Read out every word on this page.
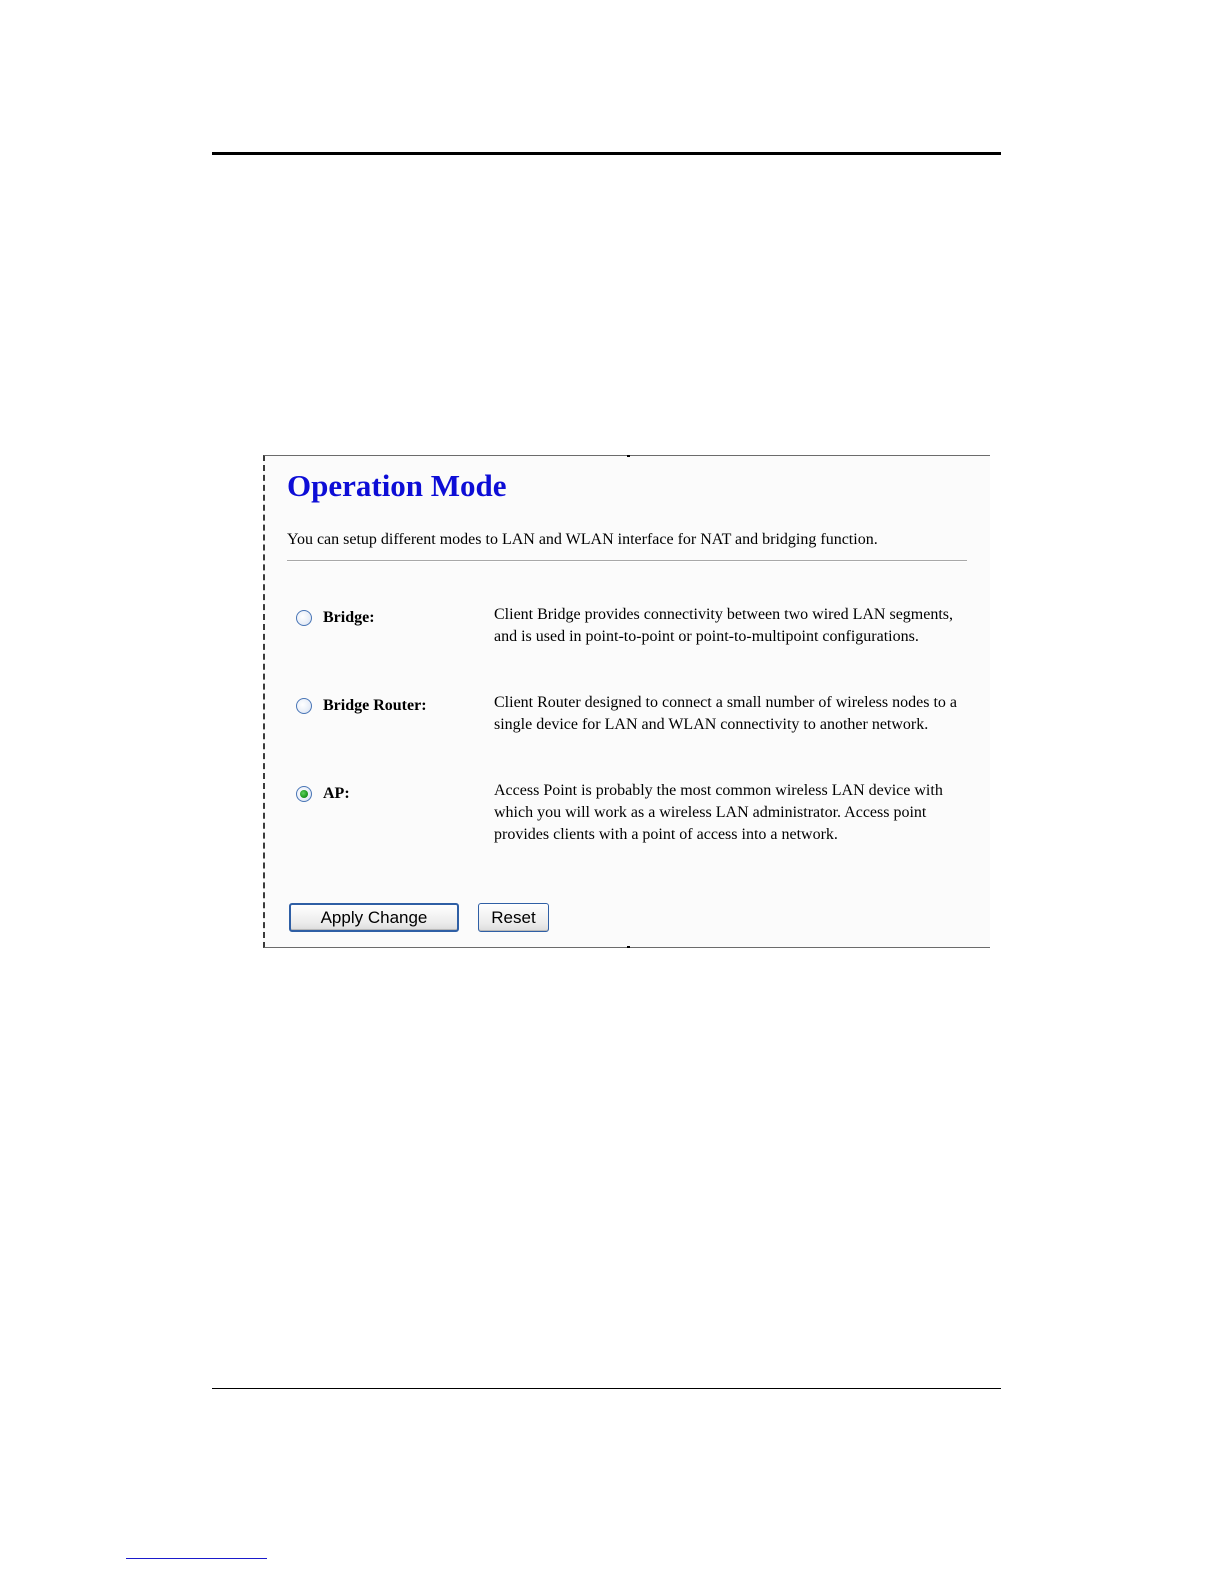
Operation Mode
You can setup different modes to LAN and WLAN interface for NAT and bridging function.
Bridge:	Client Bridge provides connectivity between two wired LAN segments, and is used in point-to-point or point-to-multipoint configurations.
Bridge Router:	Client Router designed to connect a small number of wireless nodes to a single device for LAN and WLAN connectivity to another network.
AP:	Access Point is probably the most common wireless LAN device with which you will work as a wireless LAN administrator. Access point provides clients with a point of access into a network.
Apply Change	Reset
